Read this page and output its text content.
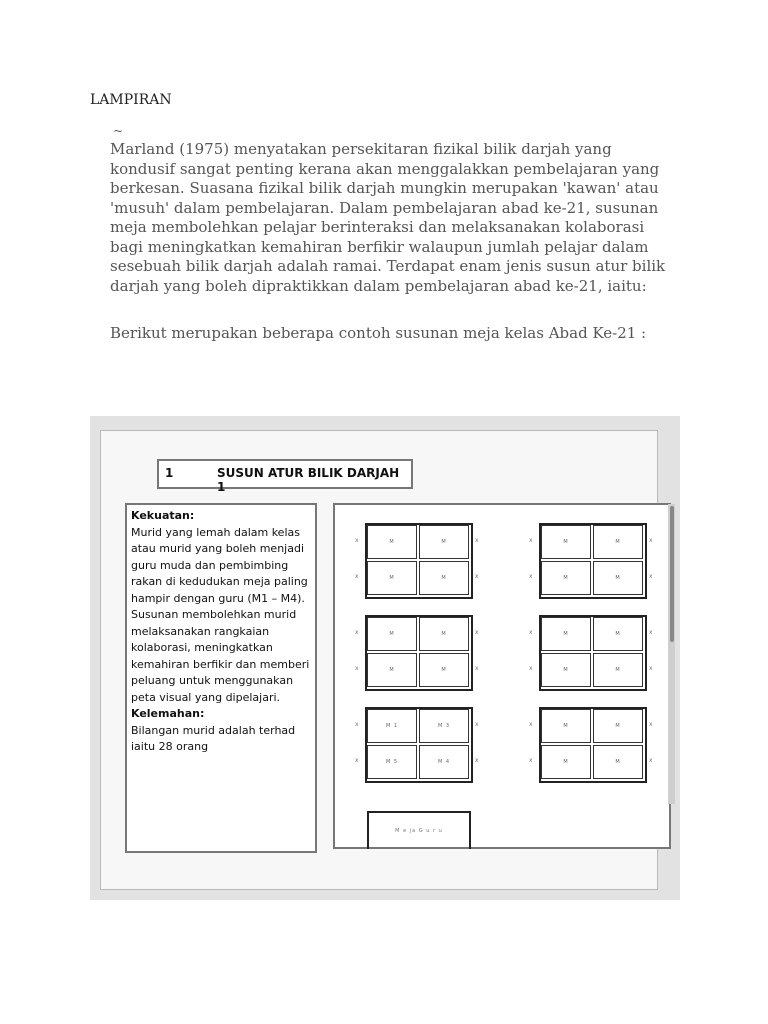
LAMPIRAN
~

Marland (1975) menyatakan persekitaran fizikal bilik darjah yang kondusif sangat penting kerana akan menggalakkan pembelajaran yang berkesan. Suasana fizikal bilik darjah mungkin merupakan 'kawan' atau 'musuh' dalam pembelajaran. Dalam pembelajaran abad ke-21, susunan meja membolehkan pelajar berinteraksi dan melaksanakan kolaborasi bagi meningkatkan kemahiran berfikir walaupun jumlah pelajar dalam sesebuah bilik darjah adalah ramai. Terdapat enam jenis susun atur bilik darjah yang boleh dipraktikkan dalam pembelajaran abad ke-21, iaitu:

Berikut merupakan beberapa contoh susunan meja kelas Abad Ke-21 :

1	SUSUN ATUR BILIK DARJAH 1
Kekuatan:
Murid yang lemah dalam kelas atau murid yang boleh menjadi guru muda dan pembimbing rakan di kedudukan meja paling hampir dengan guru (M1 – M4). Susunan membolehkan murid melaksanakan rangkaian kolaborasi, meningkatkan kemahiran berfikir dan memberi peluang untuk menggunakan peta visual yang dipelajari.
Kelemahan:
Bilangan murid adalah terhad iaitu 28 orang
M e ja G u r u
M	M
M	M
x
x
x
x
M	M
M	M
x
x
x
x
M	M
M	M
x
x
x
x
M	M
M	M
x
x
x
x
M 1	M 3
M 5	M 4
x
x
x
x
M	M
M	M
x
x
x
x
